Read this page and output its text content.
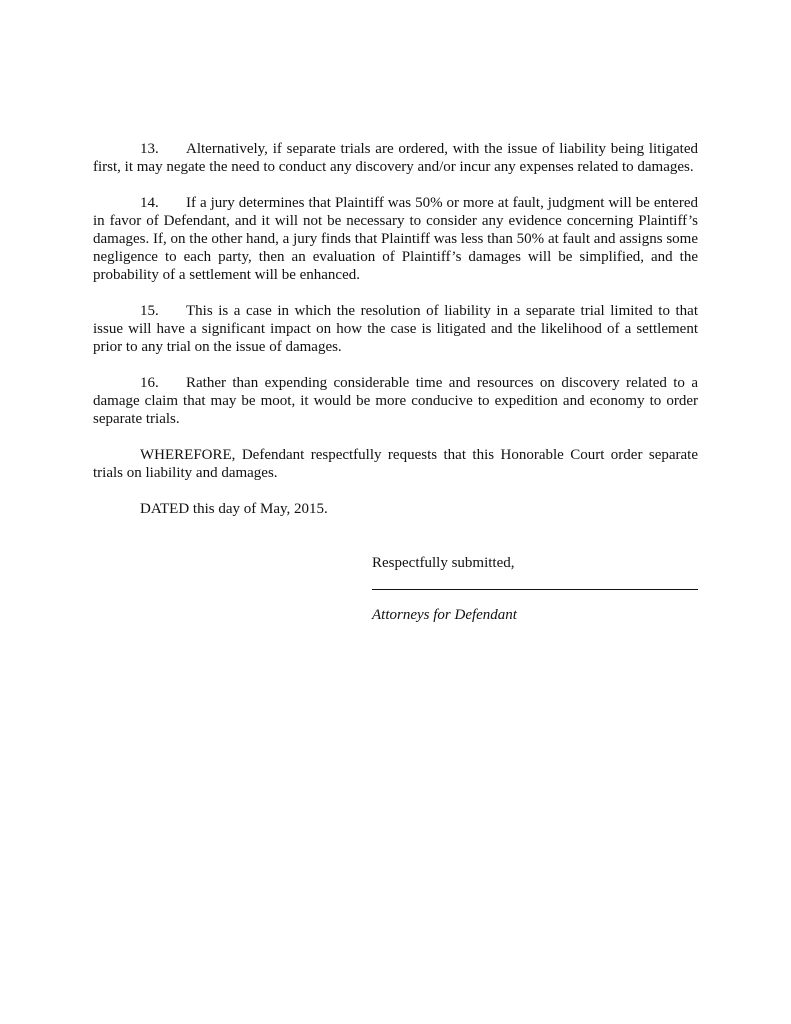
13. Alternatively, if separate trials are ordered, with the issue of liability being litigated first, it may negate the need to conduct any discovery and/or incur any expenses related to damages.

14. If a jury determines that Plaintiff was 50% or more at fault, judgment will be entered in favor of Defendant, and it will not be necessary to consider any evidence concerning Plaintiff’s damages. If, on the other hand, a jury finds that Plaintiff was less than 50% at fault and assigns some negligence to each party, then an evaluation of Plaintiff’s damages will be simplified, and the probability of a settlement will be enhanced.

15. This is a case in which the resolution of liability in a separate trial limited to that issue will have a significant impact on how the case is litigated and the likelihood of a settlement prior to any trial on the issue of damages.

16. Rather than expending considerable time and resources on discovery related to a damage claim that may be moot, it would be more conducive to expedition and economy to order separate trials.

WHEREFORE, Defendant respectfully requests that this Honorable Court order separate trials on liability and damages.

DATED this day of May, 2015.

Respectfully submitted,
Attorneys for Defendant
